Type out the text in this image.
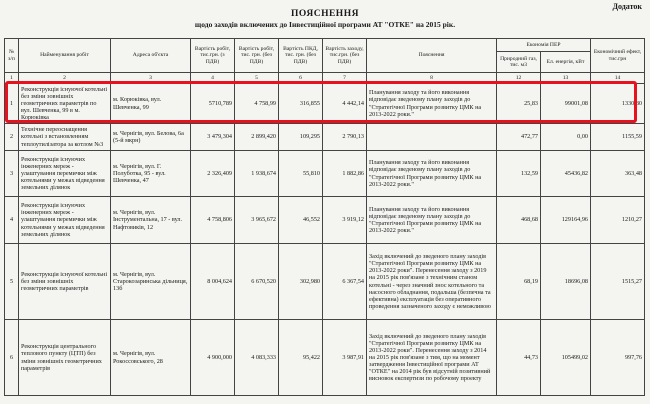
Додаток
ПОЯСНЕННЯ
щодо заходів включених до Інвестиційної програми АТ "ОТКЕ" на 2015 рік.
№ з/п	Найменування робіт	Адреса об'єкта	Вартість робіт, тис.грн. (з ПДВ)	Вартість робіт, тис. грн. (без ПДВ)	Вартість ПКД, тис. грн. (без ПДВ)	Вартість заходу, тис.грн. (без ПДВ)	Пояснення	Економія ПЕР		Економічний ефект, тис.грн
								Природний газ, тис. м3	Ел. енергія, кВт	
1	2	3	4	5	6	7	8	12	13	14
1	Реконструкція існуючої котельні без зміни зовнішніх геометричних параметрів по вул. Шевченка, 99 в м. Корюківка	м. Корюківка, вул. Шевченка, 99	5710,789	4 758,99	316,855	4 442,14	Планування заходу та його виконання відповідає зведеному плану заходів до "Стратегічної Програми розвитку ЦМК на 2013-2022 роки."	25,83	99001,08	1330,80
2	Технічне переоснащення котельні з встановленням теплоутилізатора за котлом №3	м. Чернігів, вул. Белова, 6а (5-й мкрн)	3 479,304	2 899,420	109,295	2 790,13		472,77	0,00	1155,59
3	Реконструкція існуючих інженерних мереж - улаштування перемички між котельнями у межах відведення земельних ділянок	м. Чернігів, вул. Г. Полуботка, 95 - вул. Шевченка, 47	2 326,409	1 938,674	55,810	1 882,86	Планування заходу та його виконання відповідає зведеному плану заходів до "Стратегічної Програми розвитку ЦМК на 2013-2022 роки."	132,59	45436,82	363,48
4	Реконструкція існуючих інженерних мереж - улаштування перемички між котельнями у межах відведення земельних ділянок	м. Чернігів, вул. Інструментальна, 17 - вул. Нафтовиків, 12	4 758,806	3 965,672	46,552	3 919,12	Планування заходу та його виконання відповідає зведеному плану заходів до "Стратегічної Програми розвитку ЦМК на 2013-2022 роки."	468,68	129164,96	1210,27
5	Реконструкція існуючої котельні без зміни зовнішніх геометричних параметрів	м. Чернігів, вул. Старокозаринська дільниця, 13б	8 004,624	6 670,520	302,980	6 367,54	Захід включений до зведеного плану заходів "Стратегічної Програми розвитку ЦМК на 2013-2022 роки". Перенесення заходу з 2019 на 2015 рік пов'язане з технічним станом котельні - через значний знос котельного та насосного обладнання, подальша (безпечна та ефективна) експлуатація без оперативного проведення зазначеного заходу є неможливою	68,19	18696,08	1515,27
6	Реконструкція центрального теплового пункту (ЦТП) без зміни зовнішніх геометричних параметрів	м. Чернігів, вул. Рокоссовського, 28	4 900,000	4 083,333	95,422	3 987,91	Захід включений до зведеного плану заходів "Стратегічної Програми розвитку ЦМК на 2013-2022 роки". Перенесення заходу з 2014 на 2015 рік пов'язане з тим, що на момент затвердження Інвестиційної програми АТ "ОТКЕ" на 2014 рік був відсутній позитивний висновок експертизи по робочому проекту	44,73	105499,02	997,76
